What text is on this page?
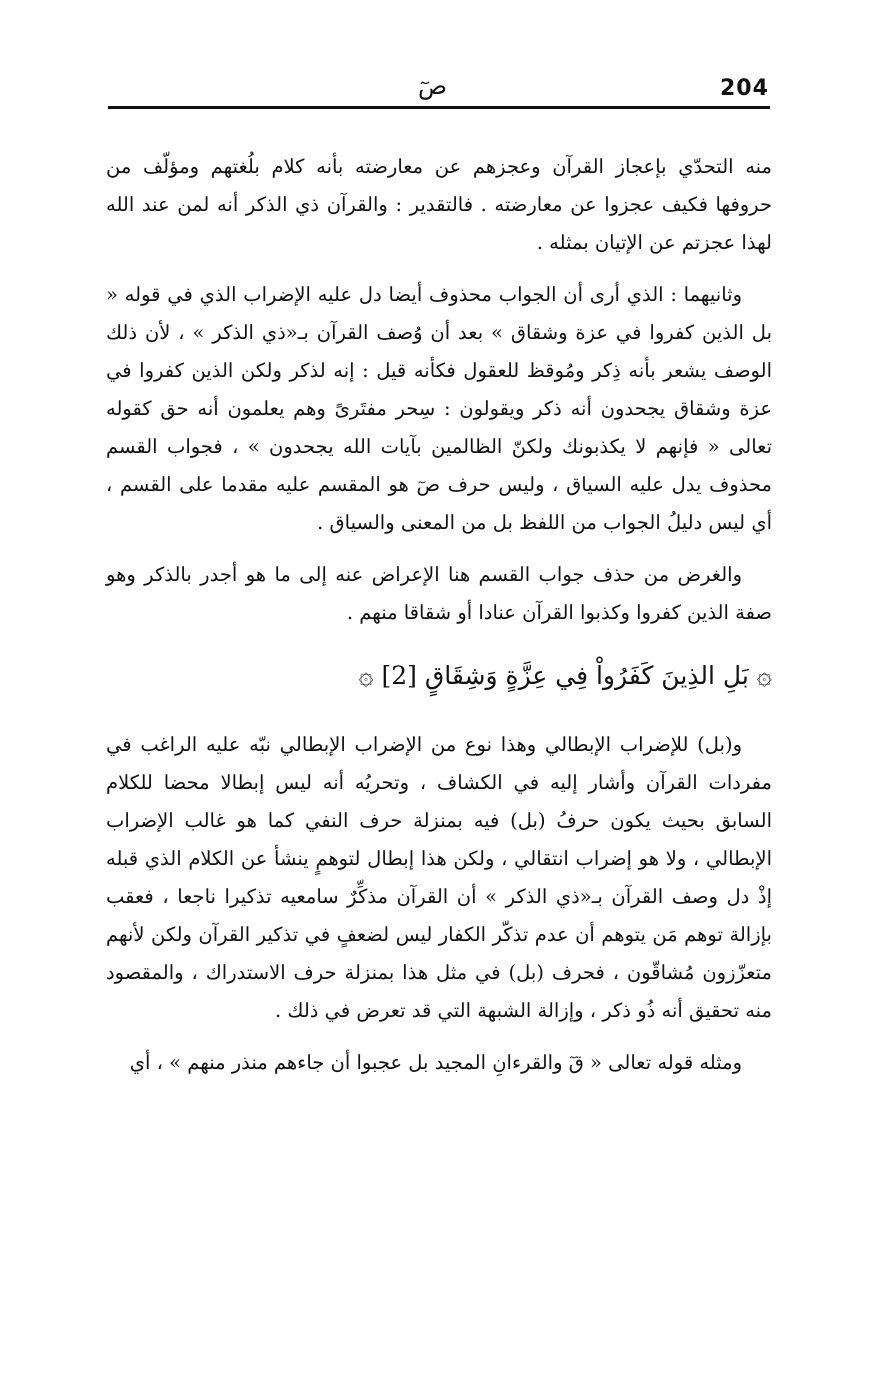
204
صٓ

منه التحدّي بإعجاز القرآن وعجزهم عن معارضته بأنه كلام بلُغتهم ومؤلّف من حروفها فكيف عجزوا عن معارضته . فالتقدير : والقرآن ذي الذكر أنه لمن عند الله لهذا عجزتم عن الإتيان بمثله .

وثانيهما : الذي أرى أن الجواب محذوف أيضا دل عليه الإضراب الذي في قوله « بل الذين كفروا في عزة وشقاق » بعد أن وُصف القرآن بـ«ذي الذكر » ، لأن ذلك الوصف يشعر بأنه ذِكر ومُوقظ للعقول فكأنه قيل : إنه لذكر ولكن الذين كفروا في عزة وشقاق يجحدون أنه ذكر ويقولون : سِحر مفتَرىً وهم يعلمون أنه حق كقوله تعالى « فإنهم لا يكذبونك ولكنّ الظالمين بآيات الله يجحدون » ، فجواب القسم محذوف يدل عليه السياق ، وليس حرف صٓ هو المقسم عليه مقدما على القسم ، أي ليس دليلُ الجواب من اللفظ بل من المعنى والسياق .

والغرض من حذف جواب القسم هنا الإعراض عنه إلى ما هو أجدر بالذكر وهو صفة الذين كفروا وكذبوا القرآن عنادا أو شقاقا منهم .

۞ بَلِ الذِينَ كَفَرُواْ فِي عِزَّةٍ وَشِقَاقٍ [2] ۞

و(بل) للإضراب الإبطالي وهذا نوع من الإضراب الإبطالي نبّه عليه الراغب في مفردات القرآن وأشار إليه في الكشاف ، وتحريُه أنه ليس إبطالا محضا للكلام السابق بحيث يكون حرفُ (بل) فيه بمنزلة حرف النفي كما هو غالب الإضراب الإبطالي ، ولا هو إضراب انتقالي ، ولكن هذا إبطال لتوهمٍ ينشأ عن الكلام الذي قبله إذْ دل وصف القرآن بـ«ذي الذكر » أن القرآن مذكِّرٌ سامعيه تذكيرا ناجعا ، فعقب بإزالة توهم مَن يتوهم أن عدم تذكّر الكفار ليس لضعفٍ في تذكير القرآن ولكن لأنهم متعزّزون مُشاقّون ، فحرف (بل) في مثل هذا بمنزلة حرف الاستدراك ، والمقصود منه تحقيق أنه ذُو ذكر ، وإزالة الشبهة التي قد تعرض في ذلك .

ومثله قوله تعالى « قٓ والقرءانِ المجيد بل عجبوا أن جاءهم منذر منهم » ، أي
